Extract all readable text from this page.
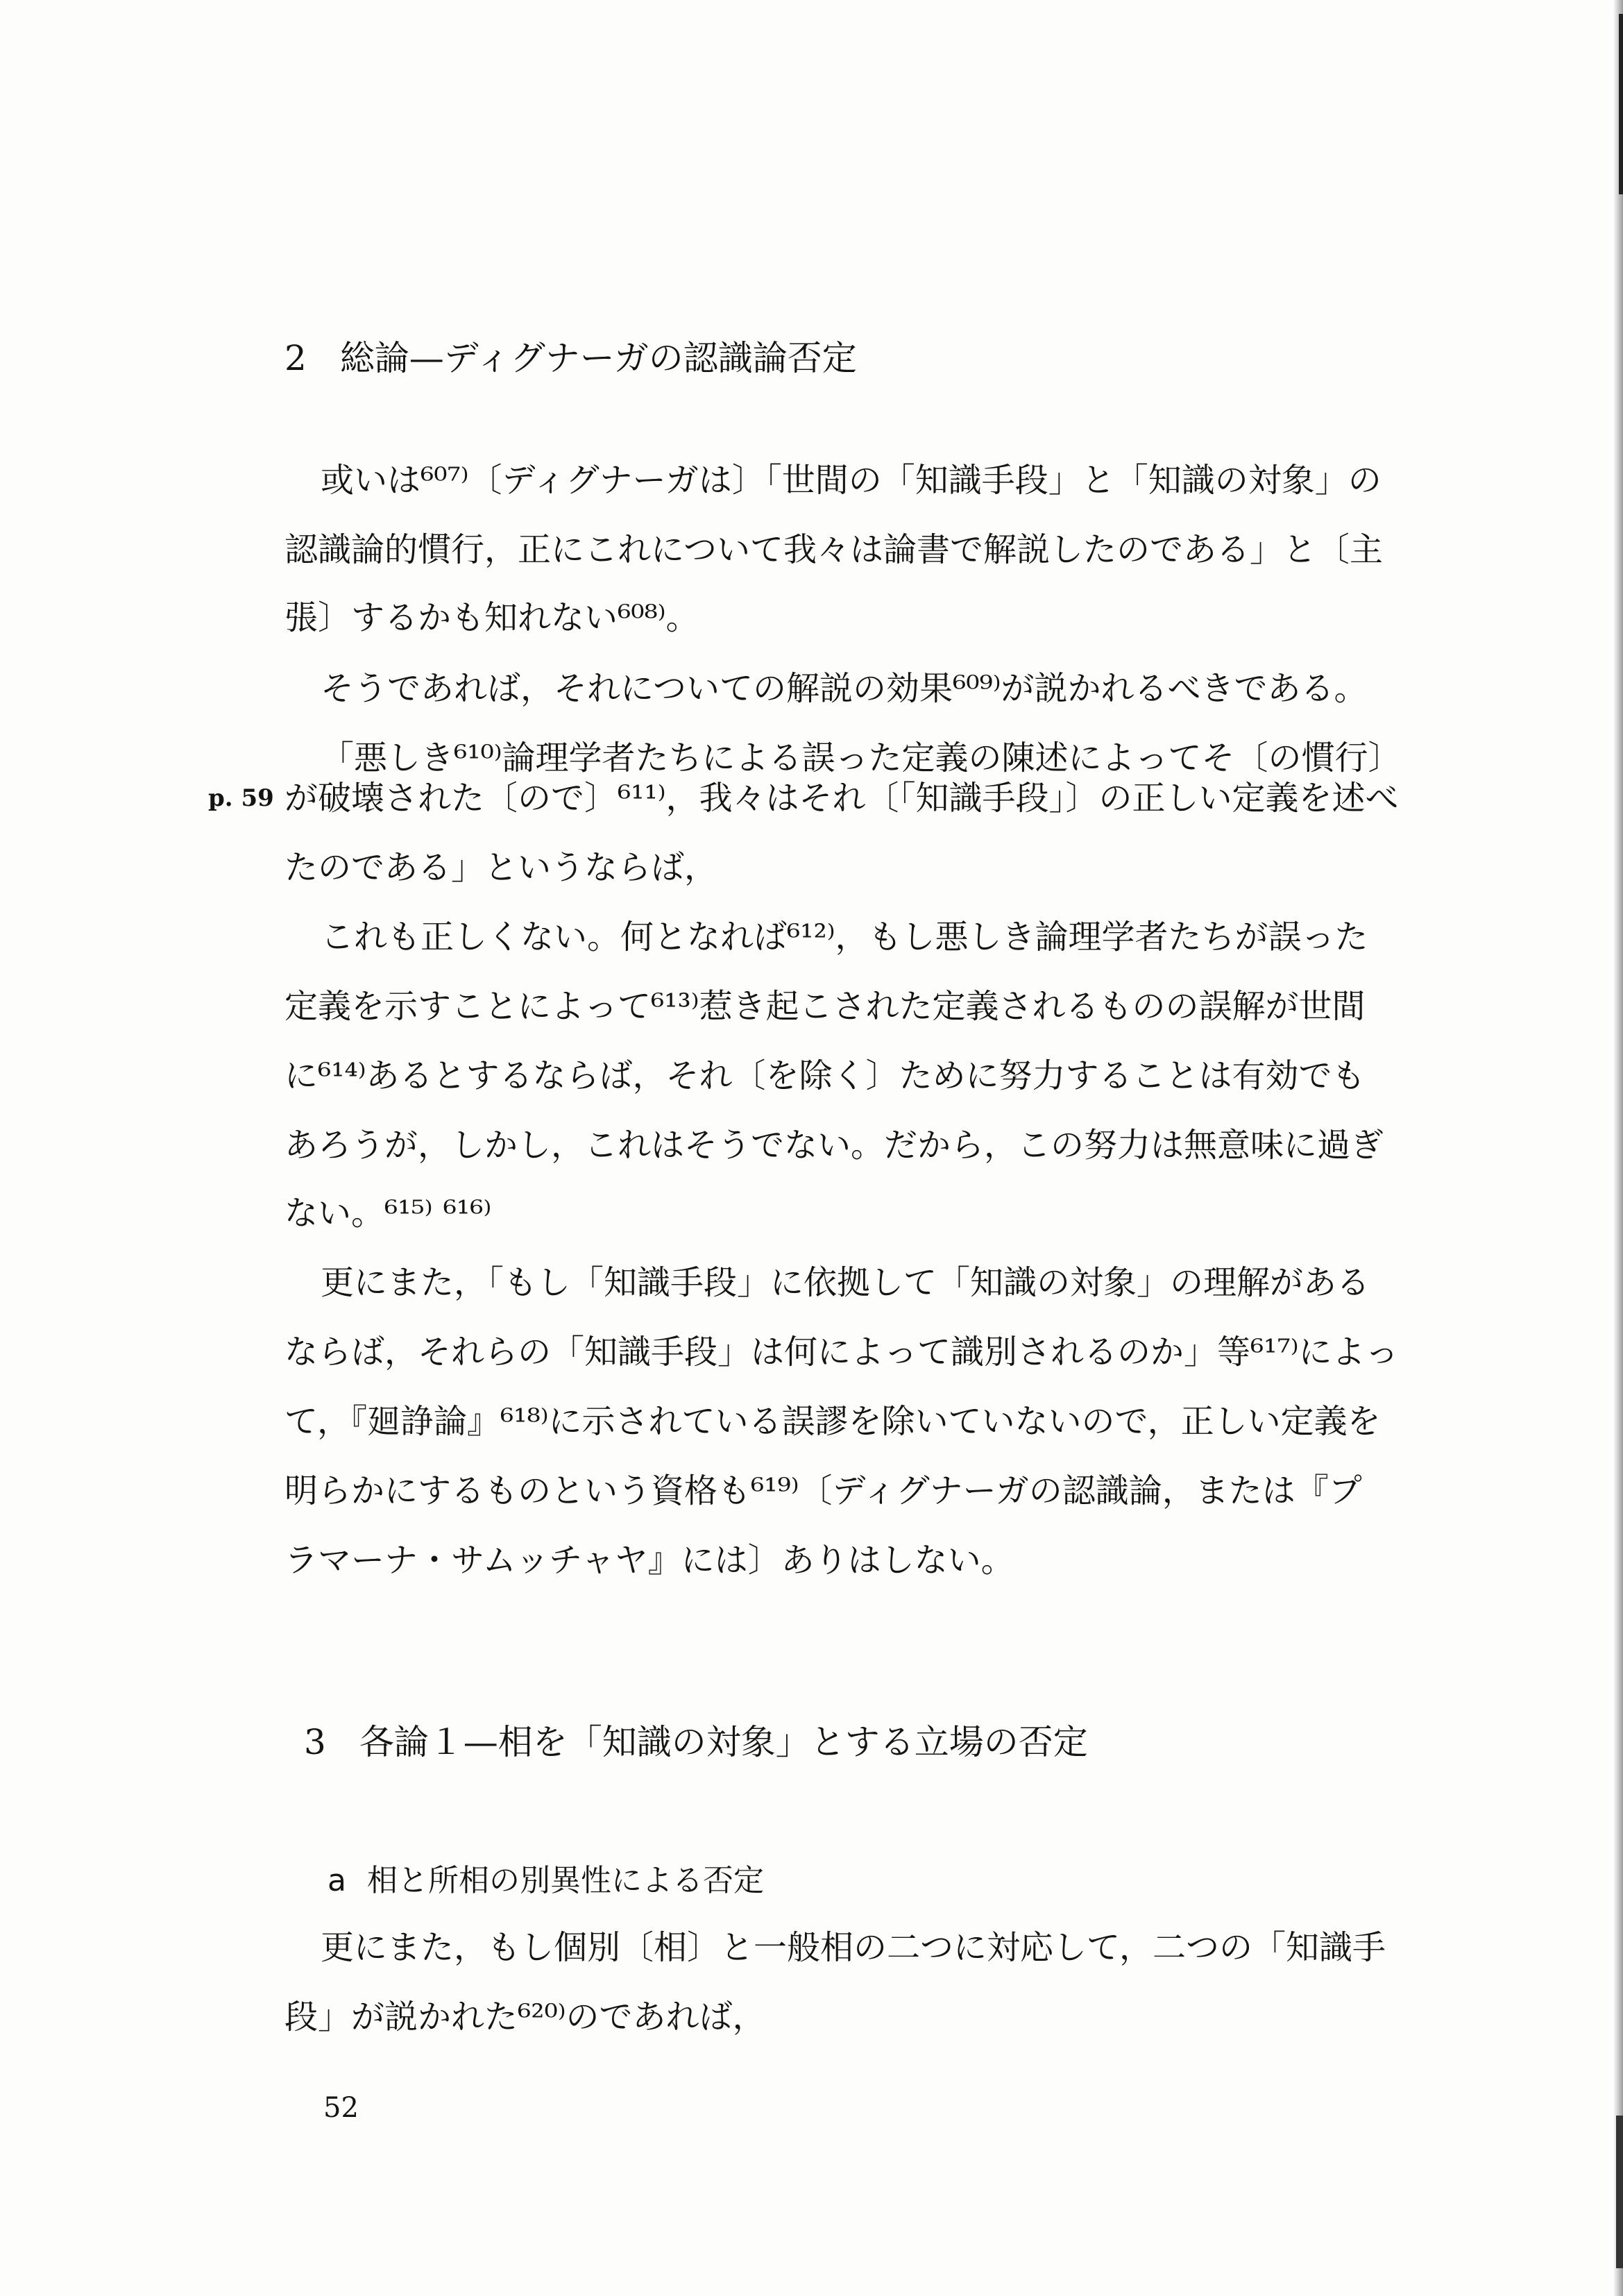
2 総論—ディグナーガの認識論否定
或いは⁶⁰⁷⁾〔ディグナーガは〕「世間の「知識手段」と「知識の対象」の
認識論的慣行，正にこれについて我々は論書で解説したのである」と〔主
張〕するかも知れない⁶⁰⁸⁾。
そうであれば，それについての解説の効果⁶⁰⁹⁾が説かれるべきである。
「悪しき⁶¹⁰⁾論理学者たちによる誤った定義の陳述によってそ〔の慣行〕
p. 59 が破壊された〔ので〕⁶¹¹⁾，我々はそれ〔「知識手段」〕の正しい定義を述べ
たのである」というならば，
これも正しくない。何となれば⁶¹²⁾，もし悪しき論理学者たちが誤った
定義を示すことによって⁶¹³⁾惹き起こされた定義されるものの誤解が世間
に⁶¹⁴⁾あるとするならば，それ〔を除く〕ために努力することは有効でも
あろうが，しかし，これはそうでない。だから，この努力は無意味に過ぎ
ない。⁶¹⁵⁾ ⁶¹⁶⁾
更にまた，「もし「知識手段」に依拠して「知識の対象」の理解がある
ならば，それらの「知識手段」は何によって識別されるのか」等⁶¹⁷⁾によっ
て，『廻諍論』⁶¹⁸⁾に示されている誤謬を除いていないので，正しい定義を
明らかにするものという資格も⁶¹⁹⁾〔ディグナーガの認識論，または『プ
ラマーナ・サムッチャヤ』には〕ありはしない。
3 各論１—相を「知識の対象」とする立場の否定
a 相と所相の別異性による否定
更にまた，もし個別〔相〕と一般相の二つに対応して，二つの「知識手
段」が説かれた⁶²⁰⁾のであれば，
52
